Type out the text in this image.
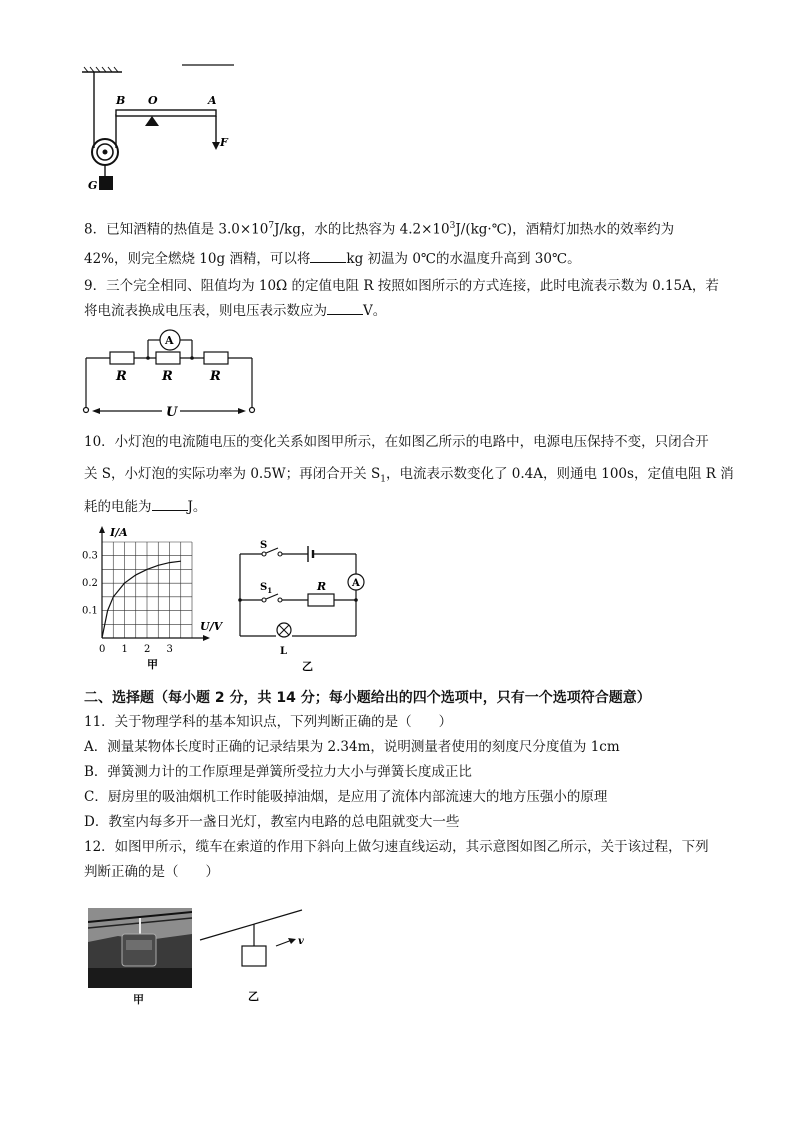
B O	A
F
G
8．已知酒精的热值是 $3.0\times 10^7J/kg$，水的比热容为 $4.2\times 10^3J/(kg\cdot℃)$，酒精灯加热水的效率约为
42%，则完全燃烧 10g 酒精，可以将	kg 初温为 0℃的水温度升高到 30℃。
9．三个完全相同、阻值均为 10Ω 的定值电阻 R 按照如图所示的方式连接，此时电流表示数为 0.15A，若
将电流表换成电压表，则电压表示数应为	V。
A
R	R	R
U
10．小灯泡的电流随电压的变化关系如图甲所示，在如图乙所示的电路中，电源电压保持不变，只闭合开
关 S，小灯泡的实际功率为 0.5W；再闭合开关 $S_1$，电流表示数变化了 0.4A，则通电 100s，定值电阻 R 消
耗的电能为	J。
0 1 2 3
0.1
0.2
0.3
I/A
U/V
甲
A
S
$S_1$	R
L
乙
二、选择题（每小题 2 分，共 14 分；每小题给出的四个选项中，只有一个选项符合题意）
11．关于物理学科的基本知识点，下列判断正确的是（　　）
A．测量某物体长度时正确的记录结果为 2.34m，说明测量者使用的刻度尺分度值为 1cm
B．弹簧测力计的工作原理是弹簧所受拉力大小与弹簧长度成正比
C．厨房里的吸油烟机工作时能吸掉油烟，是应用了流体内部流速大的地方压强小的原理
D．教室内每多开一盏日光灯，教室内电路的总电阻就变大一些
12．如图甲所示，缆车在索道的作用下斜向上做匀速直线运动，其示意图如图乙所示，关于该过程，下列
判断正确的是（　　）
甲
v
乙
